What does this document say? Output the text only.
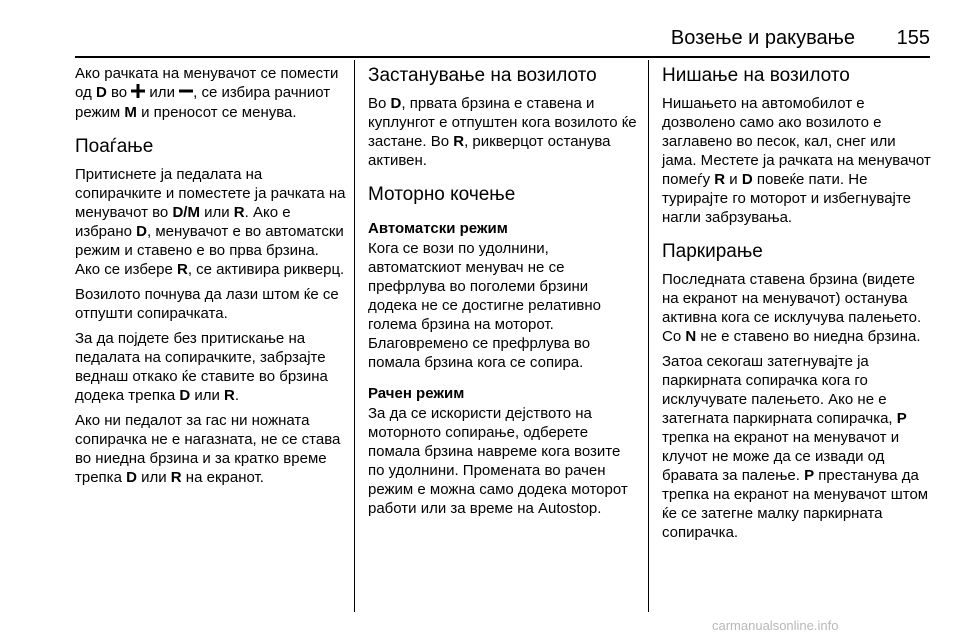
Возење и ракување 155

Ако рачката на менувачот се помести од D во  или , се избира рачниот режим M и преносот се менува.

Поаѓање

Притиснете ја педалата на сопирачките и поместете ја рачката на менувачот во D/M или R. Ако е избрано D, менувачот е во автоматски режим и ставено е во прва брзина. Ако се избере R, се активира рикверц.

Возилото почнува да лази штом ќе се отпушти сопирачката.

За да појдете без притискање на педалата на сопирачките, забрзајте веднаш откако ќе ставите во брзина додека трепка D или R.

Ако ни педалот за гас ни ножната сопирачка не е нагазната, не се става во ниедна брзина и за кратко време трепка D или R на екранот.

Застанување на возилото

Во D, првата брзина е ставена и куплунгот е отпуштен кога возилото ќе застане. Во R, рикверцот останува активен.

Моторно кочење
Автоматски режим

Кога се вози по удолнини, автоматскиот менувач не се префрлува во поголеми брзини додека не се достигне релативно голема брзина на моторот. Благовремено се префрлува во помала брзина кога се сопира.

Рачен режим

За да се искористи дејството на моторното сопирање, одберете помала брзина навреме кога возите по удолнини. Промената во рачен режим е можна само додека моторот работи или за време на Autostop.

Нишање на возилото

Нишањето на автомобилот е дозволено само ако возилото е заглавено во песок, кал, снег или јама. Местете ја рачката на менувачот помеѓу R и D повеќе пати. Не турирајте го моторот и избегнувајте нагли забрзувања.

Паркирање

Последната ставена брзина (видете на екранот на менувачот) останува активна кога се исклучува палењето. Со N не е ставено во ниедна брзина.

Затоа секогаш затегнувајте ја паркирната сопирачка кога го исклучувате палењето. Ако не е затегната паркирната сопирачка, P трепка на екранот на менувачот и клучот не може да се извади од бравата за палење. P престанува да трепка на екранот на менувачот штом ќе се затегне малку паркирната сопирачка.

carmanualsonline.info
